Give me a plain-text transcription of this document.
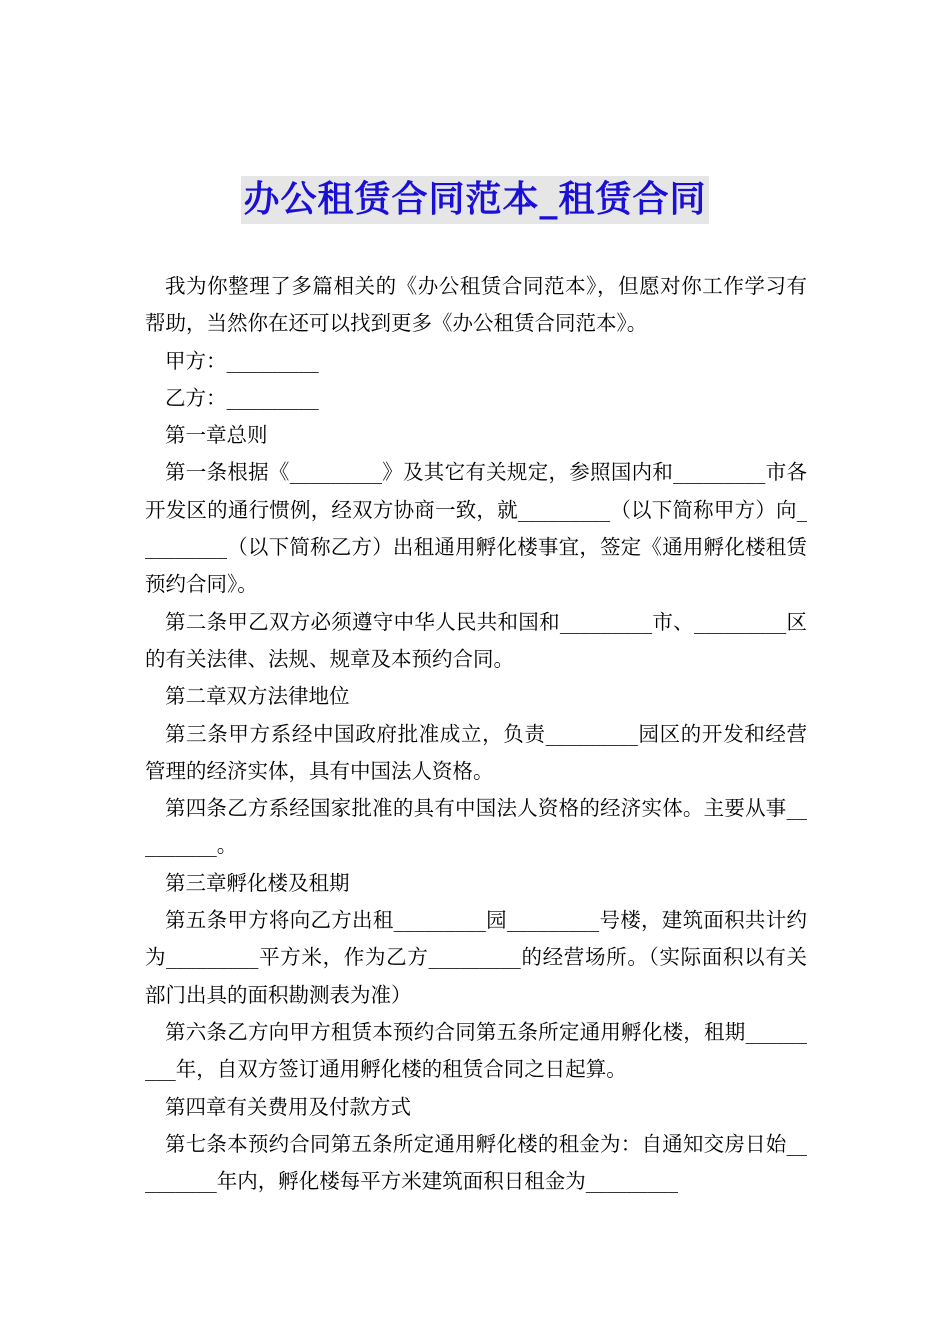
办公租赁合同范本_租赁合同

我为你整理了多篇相关的《办公租赁合同范本》，但愿对你工作学习有帮助，当然你在还可以找到更多《办公租赁合同范本》。

甲方：_________

乙方：_________

第一章总则

第一条根据《_________》及其它有关规定，参照国内和_________市各开发区的通行惯例，经双方协商一致，就_________（以下简称甲方）向_________（以下简称乙方）出租通用孵化楼事宜，签定《通用孵化楼租赁预约合同》。

第二条甲乙双方必须遵守中华人民共和国和_________市、_________区的有关法律、法规、规章及本预约合同。

第二章双方法律地位

第三条甲方系经中国政府批准成立，负责_________园区的开发和经营管理的经济实体，具有中国法人资格。

第四条乙方系经国家批准的具有中国法人资格的经济实体。主要从事_________。

第三章孵化楼及租期

第五条甲方将向乙方出租_________园_________号楼，建筑面积共计约为_________平方米，作为乙方_________的经营场所。（实际面积以有关部门出具的面积勘测表为准）

第六条乙方向甲方租赁本预约合同第五条所定通用孵化楼，租期_________年，自双方签订通用孵化楼的租赁合同之日起算。

第四章有关费用及付款方式

第七条本预约合同第五条所定通用孵化楼的租金为：自通知交房日始_________年内，孵化楼每平方米建筑面积日租金为_________
